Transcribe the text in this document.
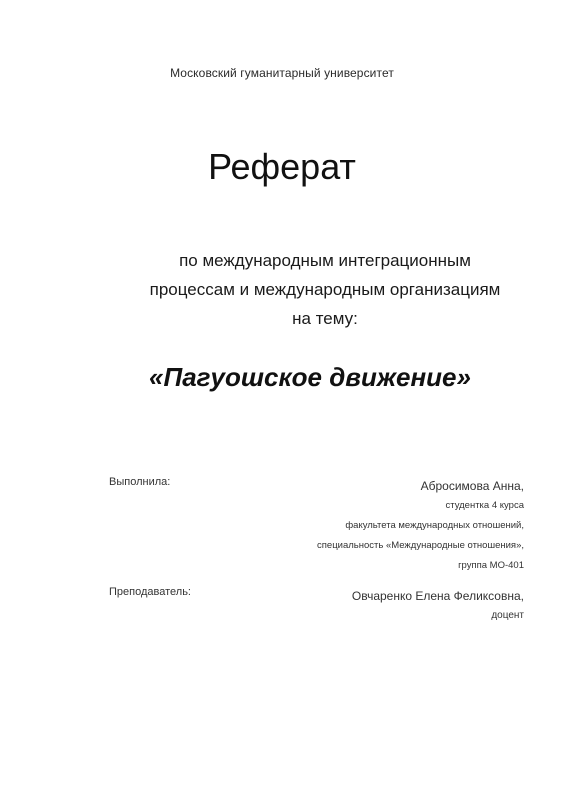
Московский гуманитарный университет
Реферат
по международным интеграционным
процессам и международным организациям
на тему:
«Пагуошское движение»
Выполнила:	Абросимова Анна,
студентка 4 курса
факультета международных отношений,
специальность «Международные отношения»,
группа МО-401
Преподаватель:	Овчаренко Елена Феликсовна,
доцент
